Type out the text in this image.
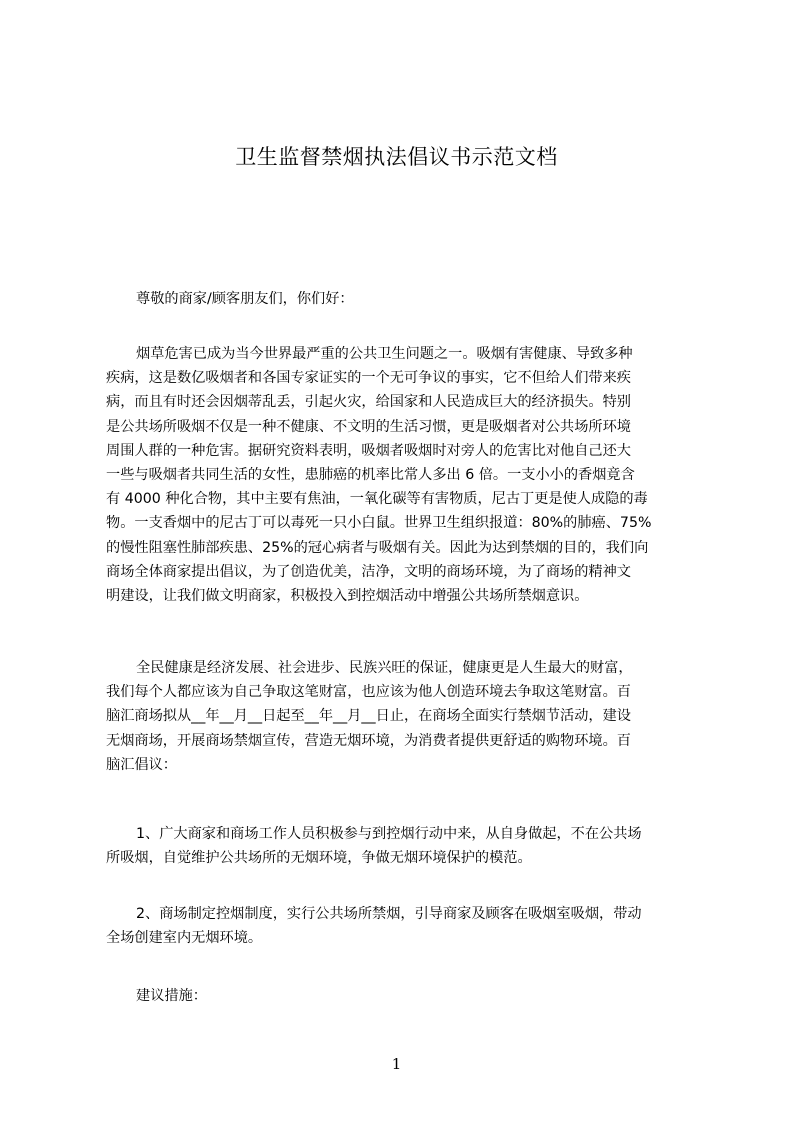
卫生监督禁烟执法倡议书示范文档
尊敬的商家/顾客朋友们，你们好：
烟草危害已成为当今世界最严重的公共卫生问题之一。吸烟有害健康、导致多种
疾病，这是数亿吸烟者和各国专家证实的一个无可争议的事实，它不但给人们带来疾
病，而且有时还会因烟蒂乱丢，引起火灾，给国家和人民造成巨大的经济损失。特别
是公共场所吸烟不仅是一种不健康、不文明的生活习惯，更是吸烟者对公共场所环境
周围人群的一种危害。据研究资料表明，吸烟者吸烟时对旁人的危害比对他自己还大
一些与吸烟者共同生活的女性，患肺癌的机率比常人多出 6 倍。一支小小的香烟竟含
有 4000 种化合物，其中主要有焦油，一氧化碳等有害物质，尼古丁更是使人成隐的毒
物。一支香烟中的尼古丁可以毒死一只小白鼠。世界卫生组织报道：80%的肺癌、75%
的慢性阻塞性肺部疾患、25%的冠心病者与吸烟有关。因此为达到禁烟的目的，我们向
商场全体商家提出倡议，为了创造优美，洁净，文明的商场环境，为了商场的精神文
明建设，让我们做文明商家，积极投入到控烟活动中增强公共场所禁烟意识。
全民健康是经济发展、社会进步、民族兴旺的保证，健康更是人生最大的财富，
我们每个人都应该为自己争取这笔财富，也应该为他人创造环境去争取这笔财富。百
脑汇商场拟从__年__月__日起至__年__月__日止，在商场全面实行禁烟节活动，建设
无烟商场，开展商场禁烟宣传，营造无烟环境，为消费者提供更舒适的购物环境。百
脑汇倡议：
1、广大商家和商场工作人员积极参与到控烟行动中来，从自身做起，不在公共场
所吸烟，自觉维护公共场所的无烟环境，争做无烟环境保护的模范。
2、商场制定控烟制度，实行公共场所禁烟，引导商家及顾客在吸烟室吸烟，带动
全场创建室内无烟环境。
建议措施：
1
